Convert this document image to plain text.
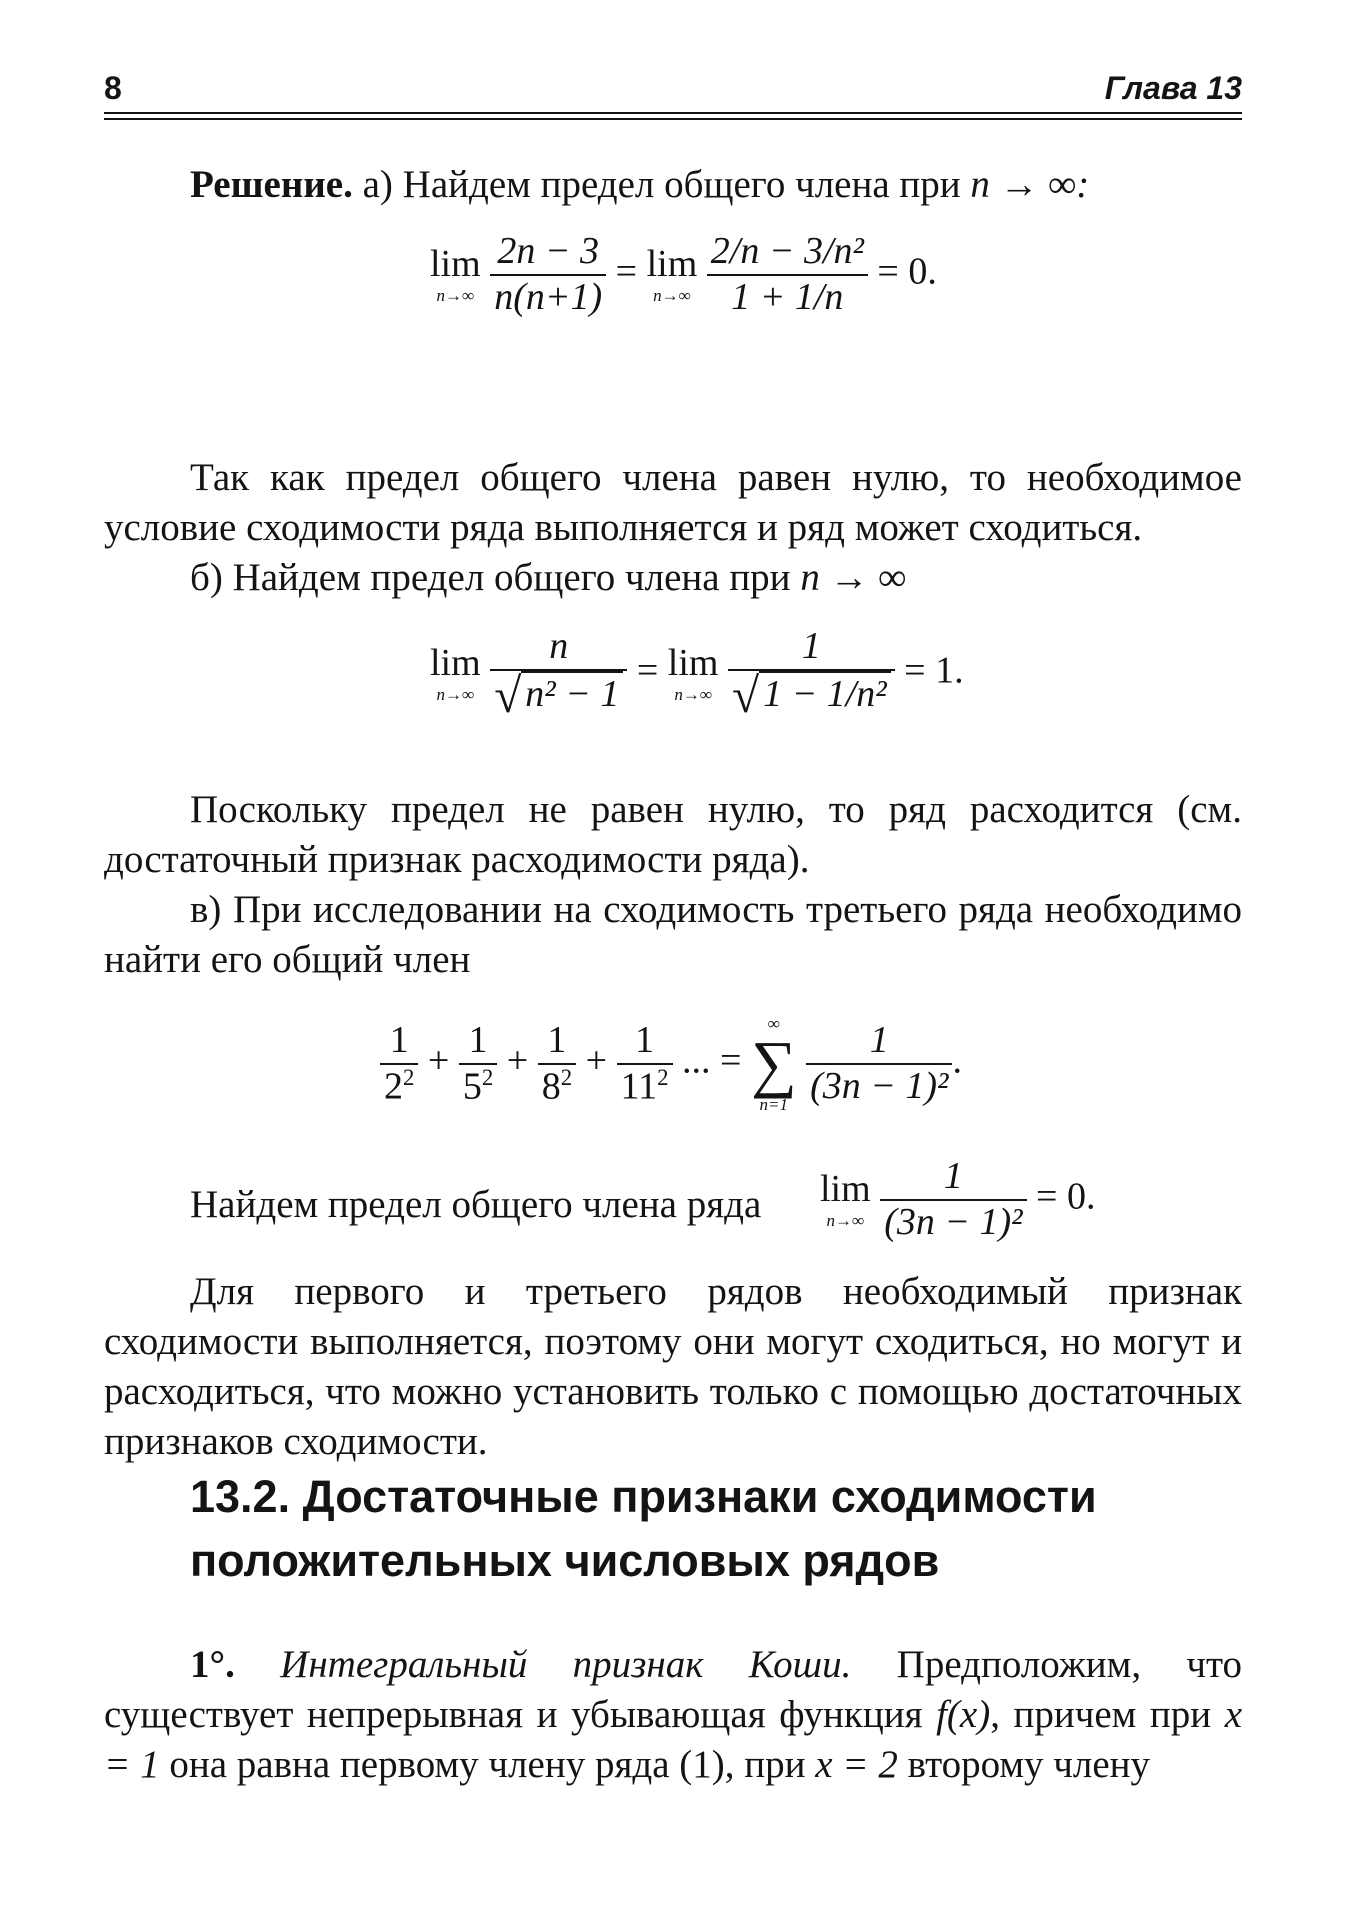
8	Глава 13
Решение. а) Найдем предел общего члена при n → ∞:
lim
n→∞
$\frac{2n - 3}{n(n+1)} = \lim$
n→∞
$\frac{\text{2/n − 3/n²}}{1 + 1/n} = 0$.
Так как предел общего члена равен нулю, то необходимое условие сходимости ряда выполняется и ряд может сходиться.
б) Найдем предел общего члена при n → ∞
lim
n→∞
$\frac{n}{\text{√ n² − 1}} = \lim$
n→∞
$\frac{1}{\text{√ 1 − 1/n²}} = 1$.
Поскольку предел не равен нулю, то ряд расходится (см. достаточный признак расходимости ряда).
в) При исследовании на сходимость третьего ряда необходимо найти его общий член
$\frac{1}{2^2} + \frac{1}{5^2} + \frac{1}{8^2} + \frac{1}{11^2}$ ... =
∞
∑
n=1
$\frac{1}{\text{(3n − 1)²}}$ .
Найдем предел общего члена ряда lim
n→∞
$\frac{1}{\text{(3n − 1)²}} = 0$.
Для первого и третьего рядов необходимый признак сходимости выполняется, поэтому они могут сходиться, но могут и расходиться, что можно установить только с помощью достаточных признаков сходимости.
13.2. Достаточные признаки сходимости положительных числовых рядов
1°. Интегральный признак Коши. Предположим, что существует непрерывная и убывающая функция f(x), причем при x = 1 она равна первому члену ряда (1), при x = 2 второму члену
